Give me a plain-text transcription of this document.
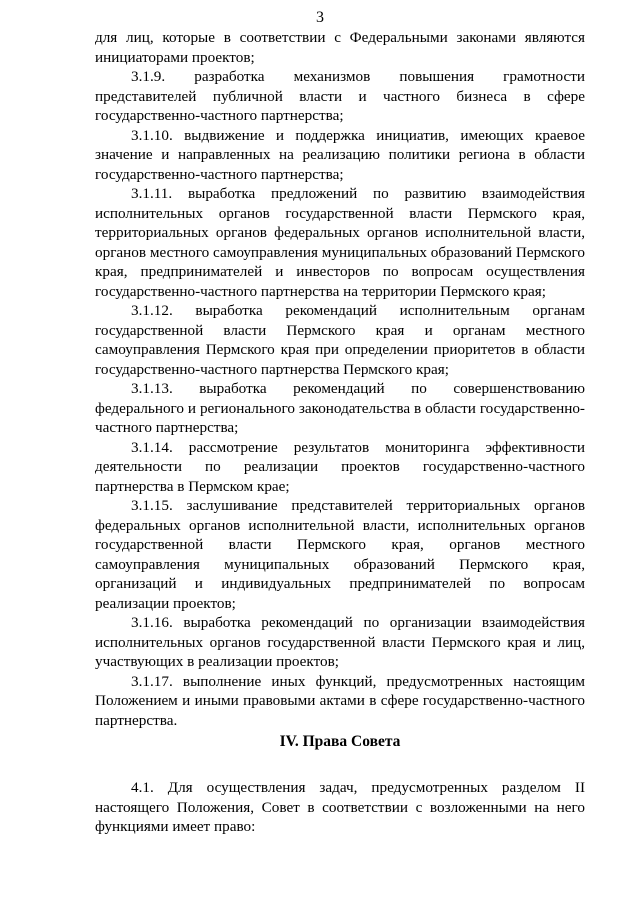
3

для лиц, которые в соответствии с Федеральными законами являются инициаторами проектов;

3.1.9. разработка механизмов повышения грамотности представителей публичной власти и частного бизнеса в сфере государственно-частного партнерства;

3.1.10. выдвижение и поддержка инициатив, имеющих краевое значение и направленных на реализацию политики региона в области государственно-частного партнерства;

3.1.11. выработка предложений по развитию взаимодействия исполнительных органов государственной власти Пермского края, территориальных органов федеральных органов исполнительной власти, органов местного самоуправления муниципальных образований Пермского края, предпринимателей и инвесторов по вопросам осуществления государственно-частного партнерства на территории Пермского края;

3.1.12. выработка рекомендаций исполнительным органам государственной власти Пермского края и органам местного самоуправления Пермского края при определении приоритетов в области государственно-частного партнерства Пермского края;

3.1.13. выработка рекомендаций по совершенствованию федерального и регионального законодательства в области государственно-частного партнерства;

3.1.14. рассмотрение результатов мониторинга эффективности деятельности по реализации проектов государственно-частного партнерства в Пермском крае;

3.1.15. заслушивание представителей территориальных органов федеральных органов исполнительной власти, исполнительных органов государственной власти Пермского края, органов местного самоуправления муниципальных образований Пермского края, организаций и индивидуальных предпринимателей по вопросам реализации проектов;

3.1.16. выработка рекомендаций по организации взаимодействия исполнительных органов государственной власти Пермского края и лиц, участвующих в реализации проектов;

3.1.17. выполнение иных функций, предусмотренных настоящим Положением и иными правовыми актами в сфере государственно-частного партнерства.

IV. Права Совета

4.1. Для осуществления задач, предусмотренных разделом II настоящего Положения, Совет в соответствии с возложенными на него функциями имеет право:
